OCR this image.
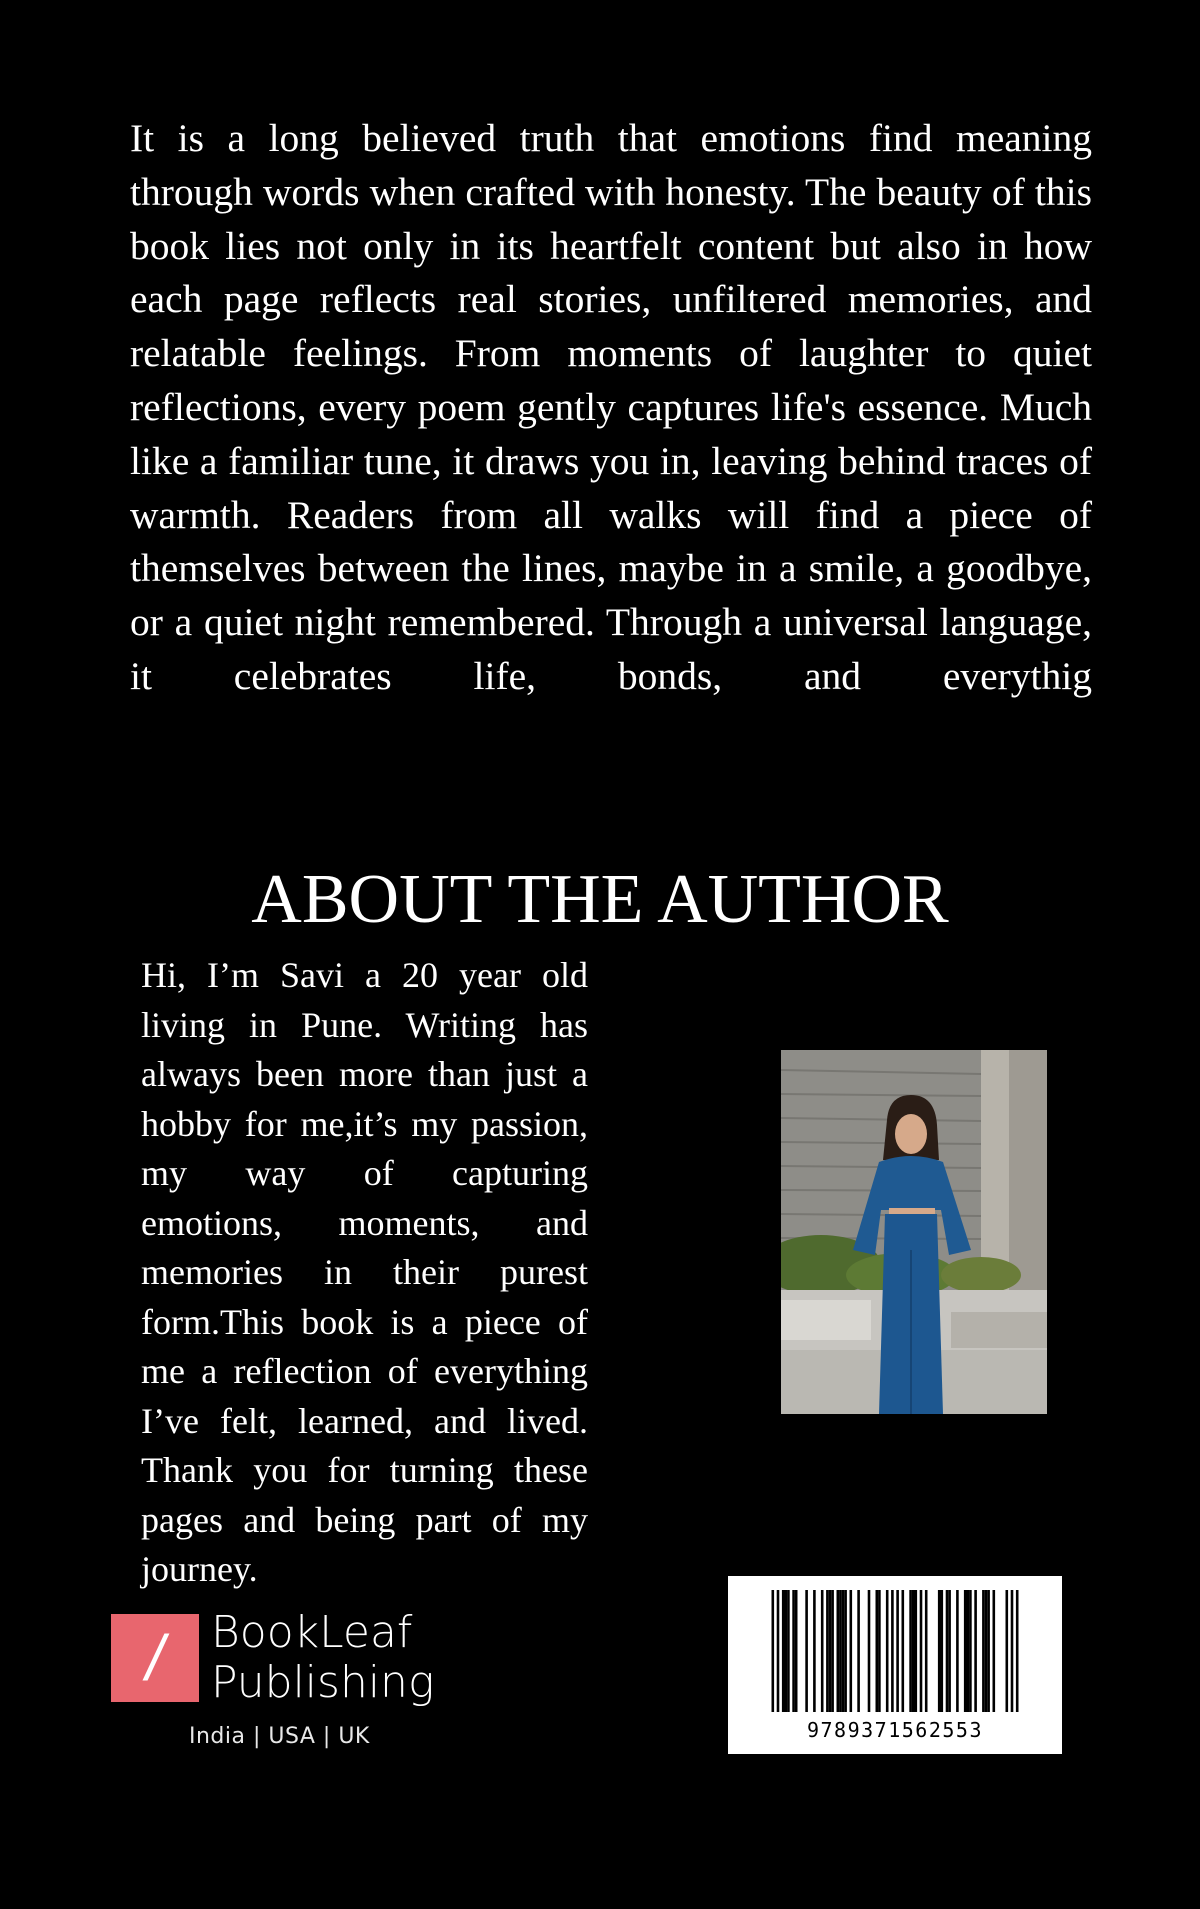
It is a long believed truth that emotions find meaning through words when crafted with honesty. The beauty of this book lies not only in its heartfelt content but also in how each page reflects real stories, unfiltered memories, and relatable feelings. From moments of laughter to quiet reflections, every poem gently captures life's essence. Much like a familiar tune, it draws you in, leaving behind traces of warmth. Readers from all walks will find a piece of themselves between the lines, maybe in a smile, a goodbye, or a quiet night remembered. Through a universal language, it celebrates life, bonds, and everythig

ABOUT THE AUTHOR

Hi, I’m Savi a 20 year old living in Pune. Writing has always been more than just a hobby for me,it’s my passion, my way of capturing emotions, moments, and memories in their purest form.This book is a piece of me a reflection of everything I’ve felt, learned, and lived. Thank you for turning these pages and being part of my journey.

/	BookLeaf
Publishing
India | USA | UK	9789371562553
